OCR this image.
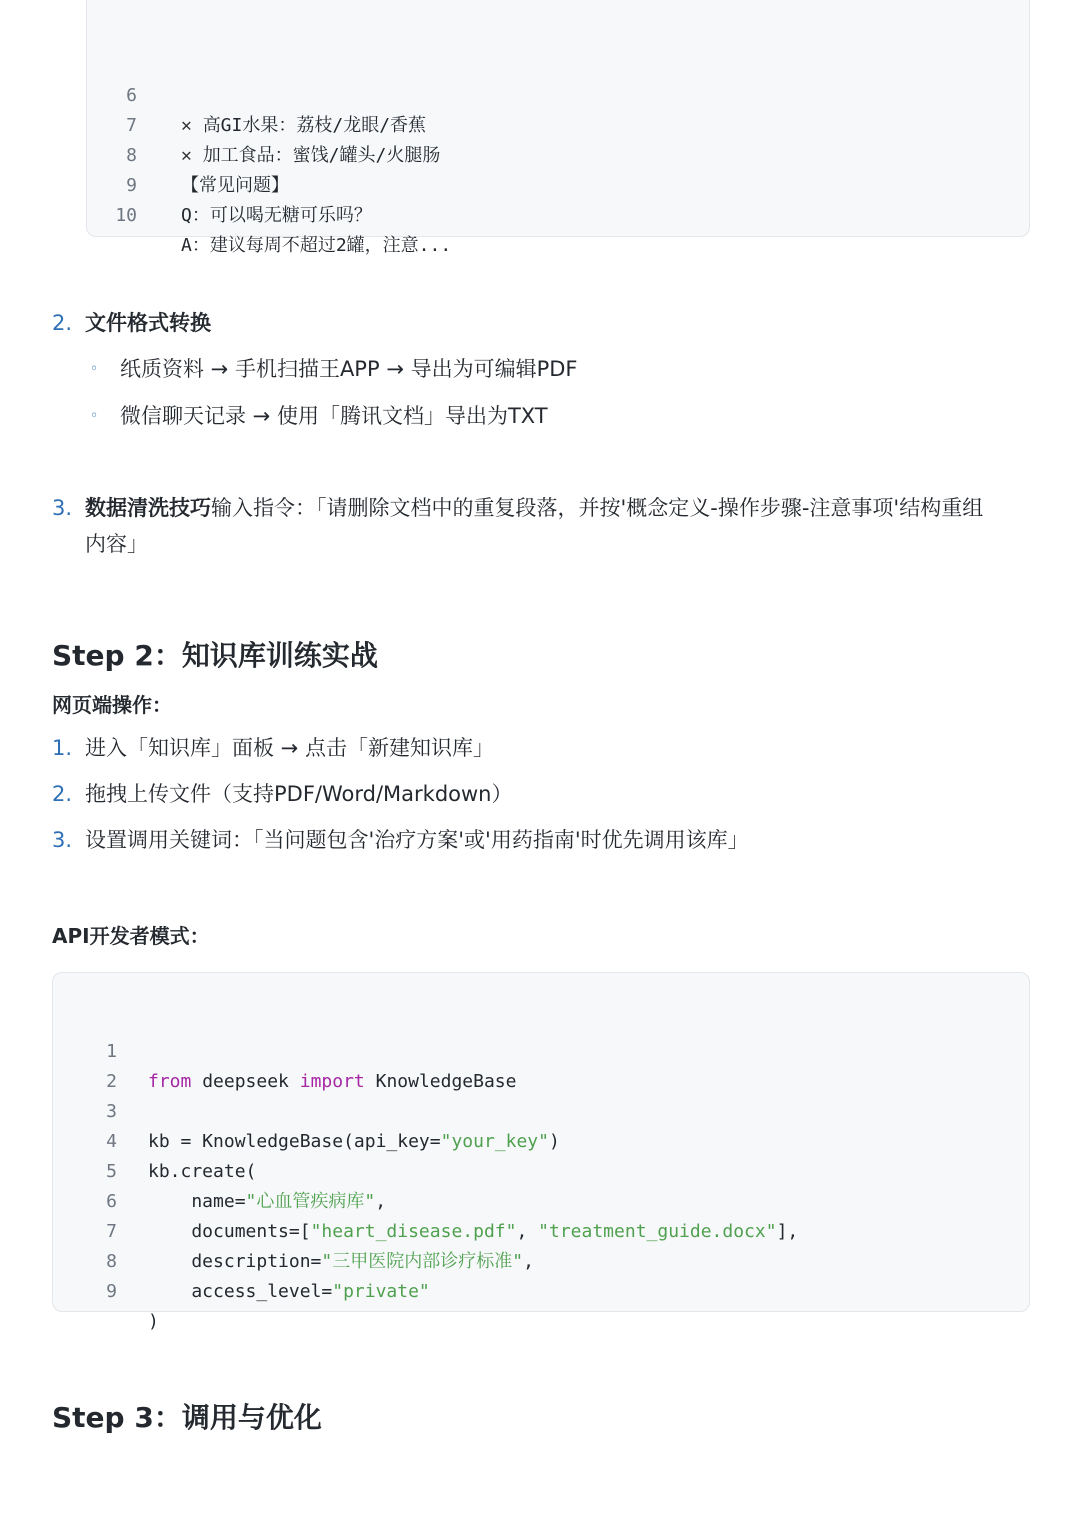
6

✕ 高GI水果：荔枝/龙眼/香蕉

7

✕ 加工食品：蜜饯/罐头/火腿肠

8

【常见问题】

9

Q：可以喝无糖可乐吗？

10

A：建议每周不超过2罐，注意...

2. 文件格式转换
◦ 纸质资料 → 手机扫描王APP → 导出为可编辑PDF
◦ 微信聊天记录 → 使用「腾讯文档」导出为TXT
3. 数据清洗技巧输入指令：「请删除文档中的重复段落，并按'概念定义-操作步骤-注意事项'结构重组
内容」
Step 2：知识库训练实战
网页端操作：
1. 进入「知识库」面板 → 点击「新建知识库」
2. 拖拽上传文件（支持PDF/Word/Markdown）
3. 设置调用关键词：「当问题包含'治疗方案'或'用药指南'时优先调用该库」
API开发者模式：

1

from deepseek import KnowledgeBase

2

3

kb = KnowledgeBase(api_key="your_key")

4

kb.create(

5

name="心血管疾病库",

6

documents=["heart_disease.pdf", "treatment_guide.docx"],

7

description="三甲医院内部诊疗标准",

8

access_level="private"

9

)

Step 3：调用与优化
